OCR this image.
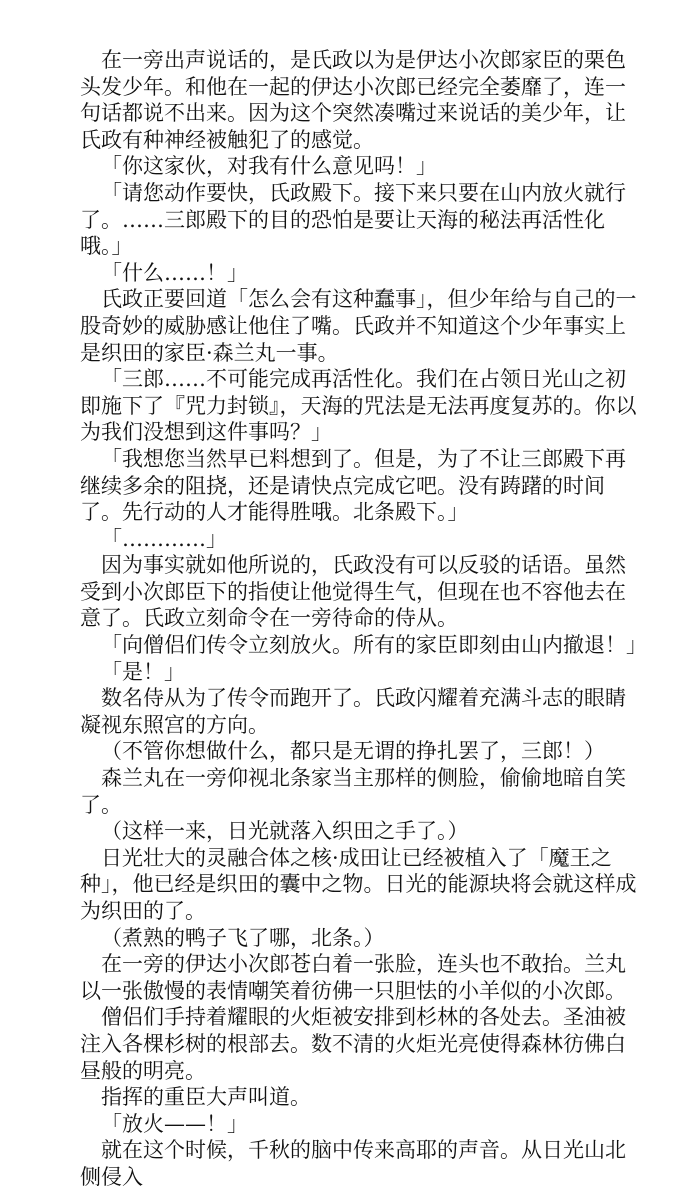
在一旁出声说话的，是氏政以为是伊达小次郎家臣的栗色头发少年。和他在一起的伊达小次郎已经完全萎靡了，连一句话都说不出来。因为这个突然凑嘴过来说话的美少年，让氏政有种神经被触犯了的感觉。

「你这家伙，对我有什么意见吗！」

「请您动作要快，氏政殿下。接下来只要在山内放火就行了。……三郎殿下的目的恐怕是要让天海的秘法再活性化哦。」

「什么……！」

氏政正要回道「怎么会有这种蠢事」，但少年给与自己的一股奇妙的威胁感让他住了嘴。氏政并不知道这个少年事实上是织田的家臣·森兰丸一事。

「三郎……不可能完成再活性化。我们在占领日光山之初即施下了『咒力封锁』，天海的咒法是无法再度复苏的。你以为我们没想到这件事吗？」

「我想您当然早已料想到了。但是，为了不让三郎殿下再继续多余的阻挠，还是请快点完成它吧。没有踌躇的时间了。先行动的人才能得胜哦。北条殿下。」

「…………」

因为事实就如他所说的，氏政没有可以反驳的话语。虽然受到小次郎臣下的指使让他觉得生气，但现在也不容他去在意了。氏政立刻命令在一旁待命的侍从。

「向僧侣们传令立刻放火。所有的家臣即刻由山内撤退！」

「是！」

数名侍从为了传令而跑开了。氏政闪耀着充满斗志的眼睛凝视东照宫的方向。

（不管你想做什么，都只是无谓的挣扎罢了，三郎！）

森兰丸在一旁仰视北条家当主那样的侧脸，偷偷地暗自笑了。

（这样一来，日光就落入织田之手了。）

日光壮大的灵融合体之核·成田让已经被植入了「魔王之种」，他已经是织田的囊中之物。日光的能源块将会就这样成为织田的了。

（煮熟的鸭子飞了哪，北条。）

在一旁的伊达小次郎苍白着一张脸，连头也不敢抬。兰丸以一张傲慢的表情嘲笑着彷佛一只胆怯的小羊似的小次郎。

僧侣们手持着耀眼的火炬被安排到杉林的各处去。圣油被注入各棵杉树的根部去。数不清的火炬光亮使得森林彷佛白昼般的明亮。

指挥的重臣大声叫道。

「放火——！」

就在这个时候，千秋的脑中传来高耶的声音。从日光山北侧侵入
